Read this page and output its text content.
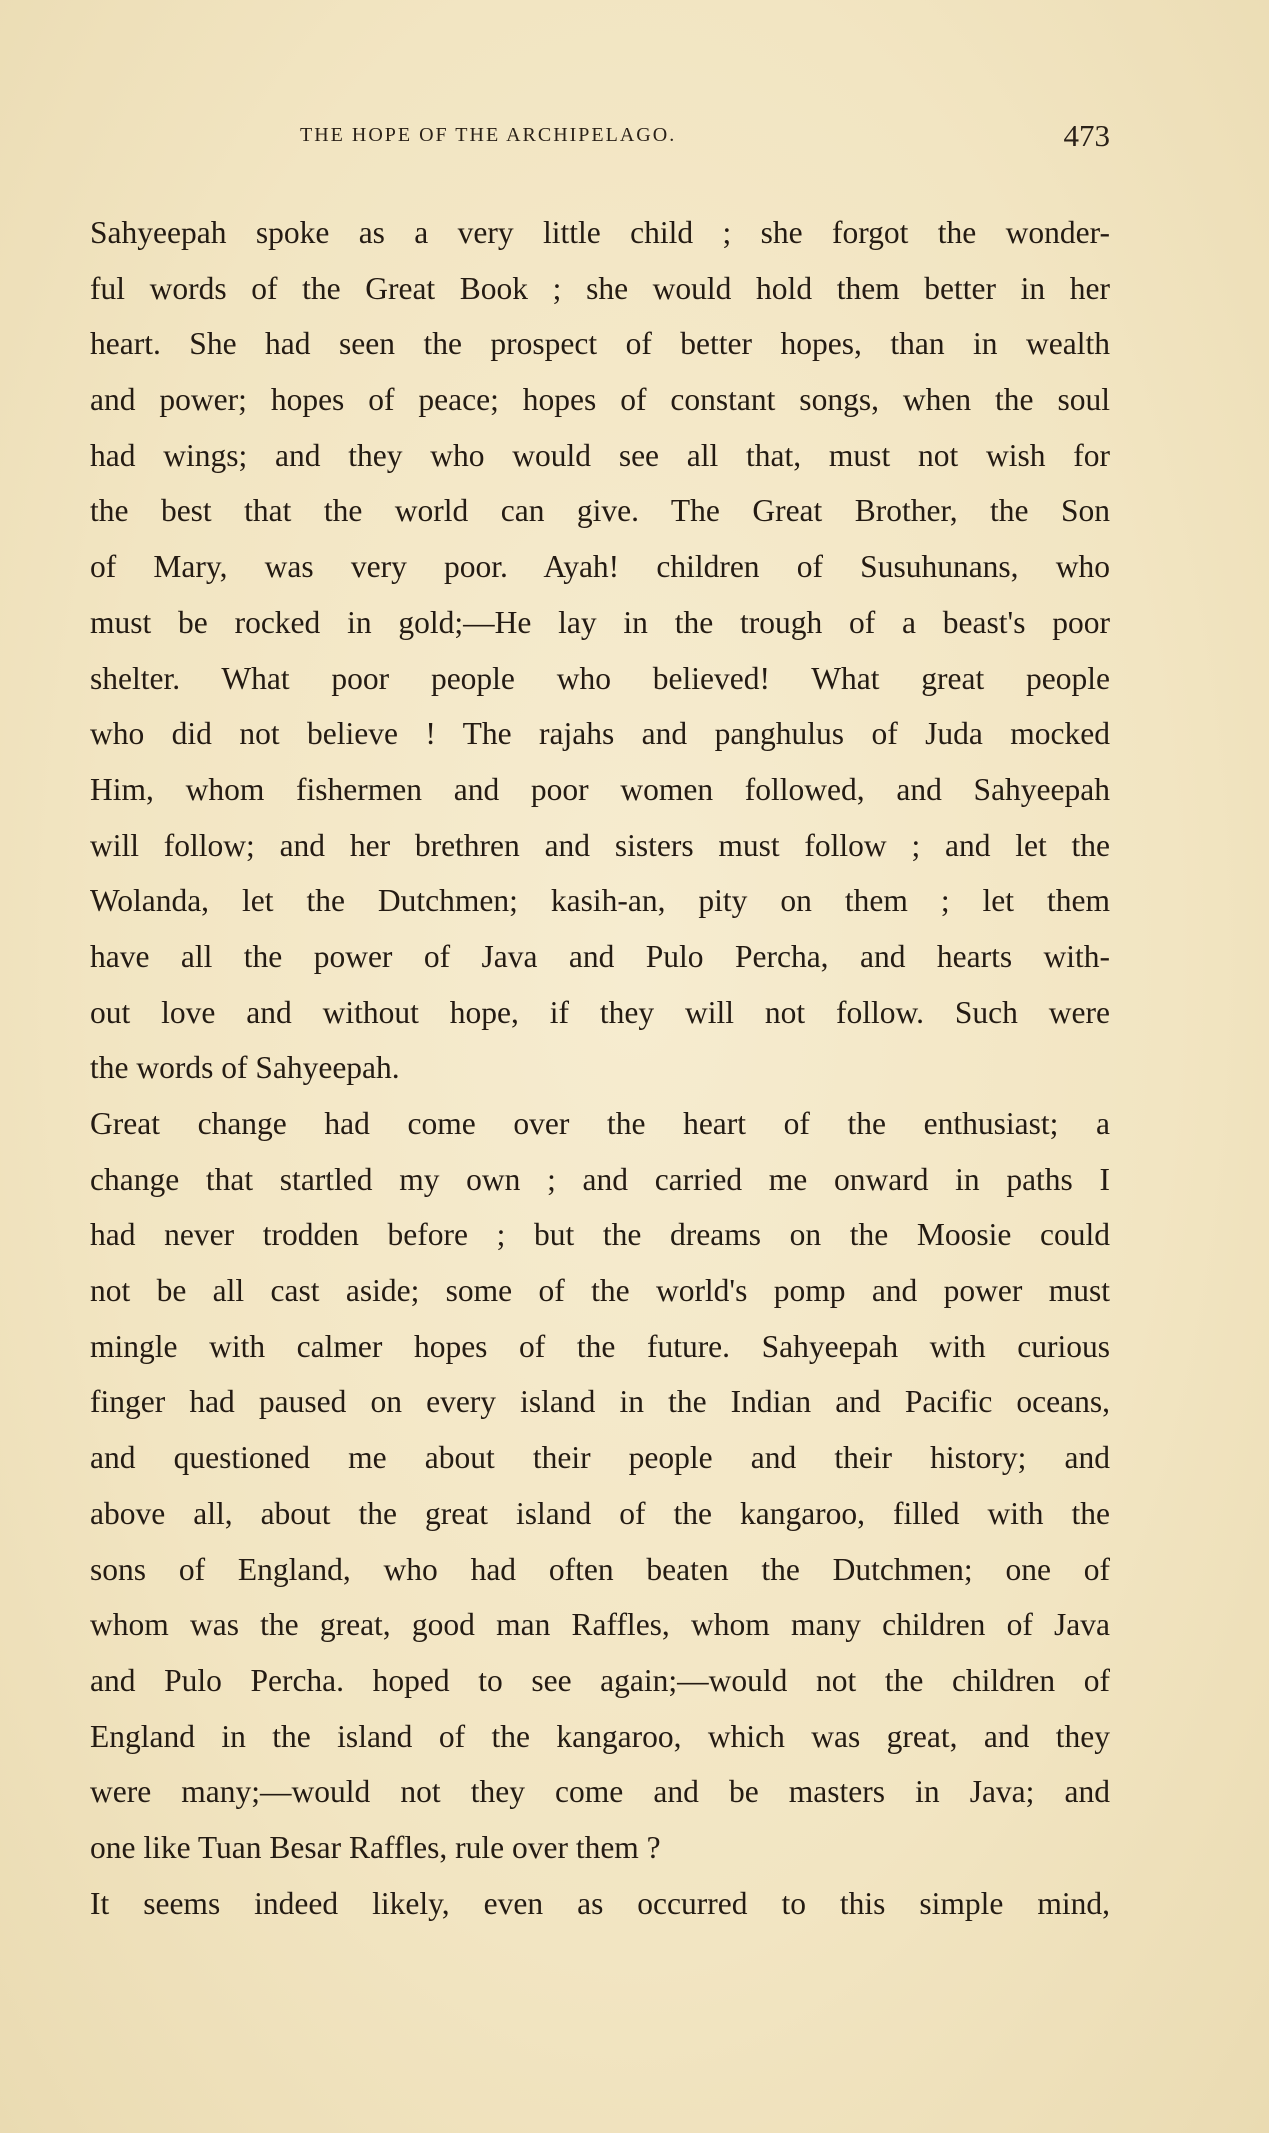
THE HOPE OF THE ARCHIPELAGO.	473
Sahyeepah spoke as a very little child ; she forgot the wonder-
ful words of the Great Book ; she would hold them better in her
heart. She had seen the prospect of better hopes, than in wealth
and power; hopes of peace; hopes of constant songs, when the soul
had wings; and they who would see all that, must not wish for
the best that the world can give. The Great Brother, the Son
of Mary, was very poor. Ayah! children of Susuhunans, who
must be rocked in gold;—He lay in the trough of a beast's poor
shelter. What poor people who believed! What great people
who did not believe ! The rajahs and panghulus of Juda mocked
Him, whom fishermen and poor women followed, and Sahyeepah
will follow; and her brethren and sisters must follow ; and let the
Wolanda, let the Dutchmen; kasih-an, pity on them ; let them
have all the power of Java and Pulo Percha, and hearts with-
out love and without hope, if they will not follow. Such were
the words of Sahyeepah.
Great change had come over the heart of the enthusiast; a
change that startled my own ; and carried me onward in paths I
had never trodden before ; but the dreams on the Moosie could
not be all cast aside; some of the world's pomp and power must
mingle with calmer hopes of the future. Sahyeepah with curious
finger had paused on every island in the Indian and Pacific oceans,
and questioned me about their people and their history; and
above all, about the great island of the kangaroo, filled with the
sons of England, who had often beaten the Dutchmen; one of
whom was the great, good man Raffles, whom many children of Java
and Pulo Percha. hoped to see again;—would not the children of
England in the island of the kangaroo, which was great, and they
were many;—would not they come and be masters in Java; and
one like Tuan Besar Raffles, rule over them ?
It seems indeed likely, even as occurred to this simple mind,
